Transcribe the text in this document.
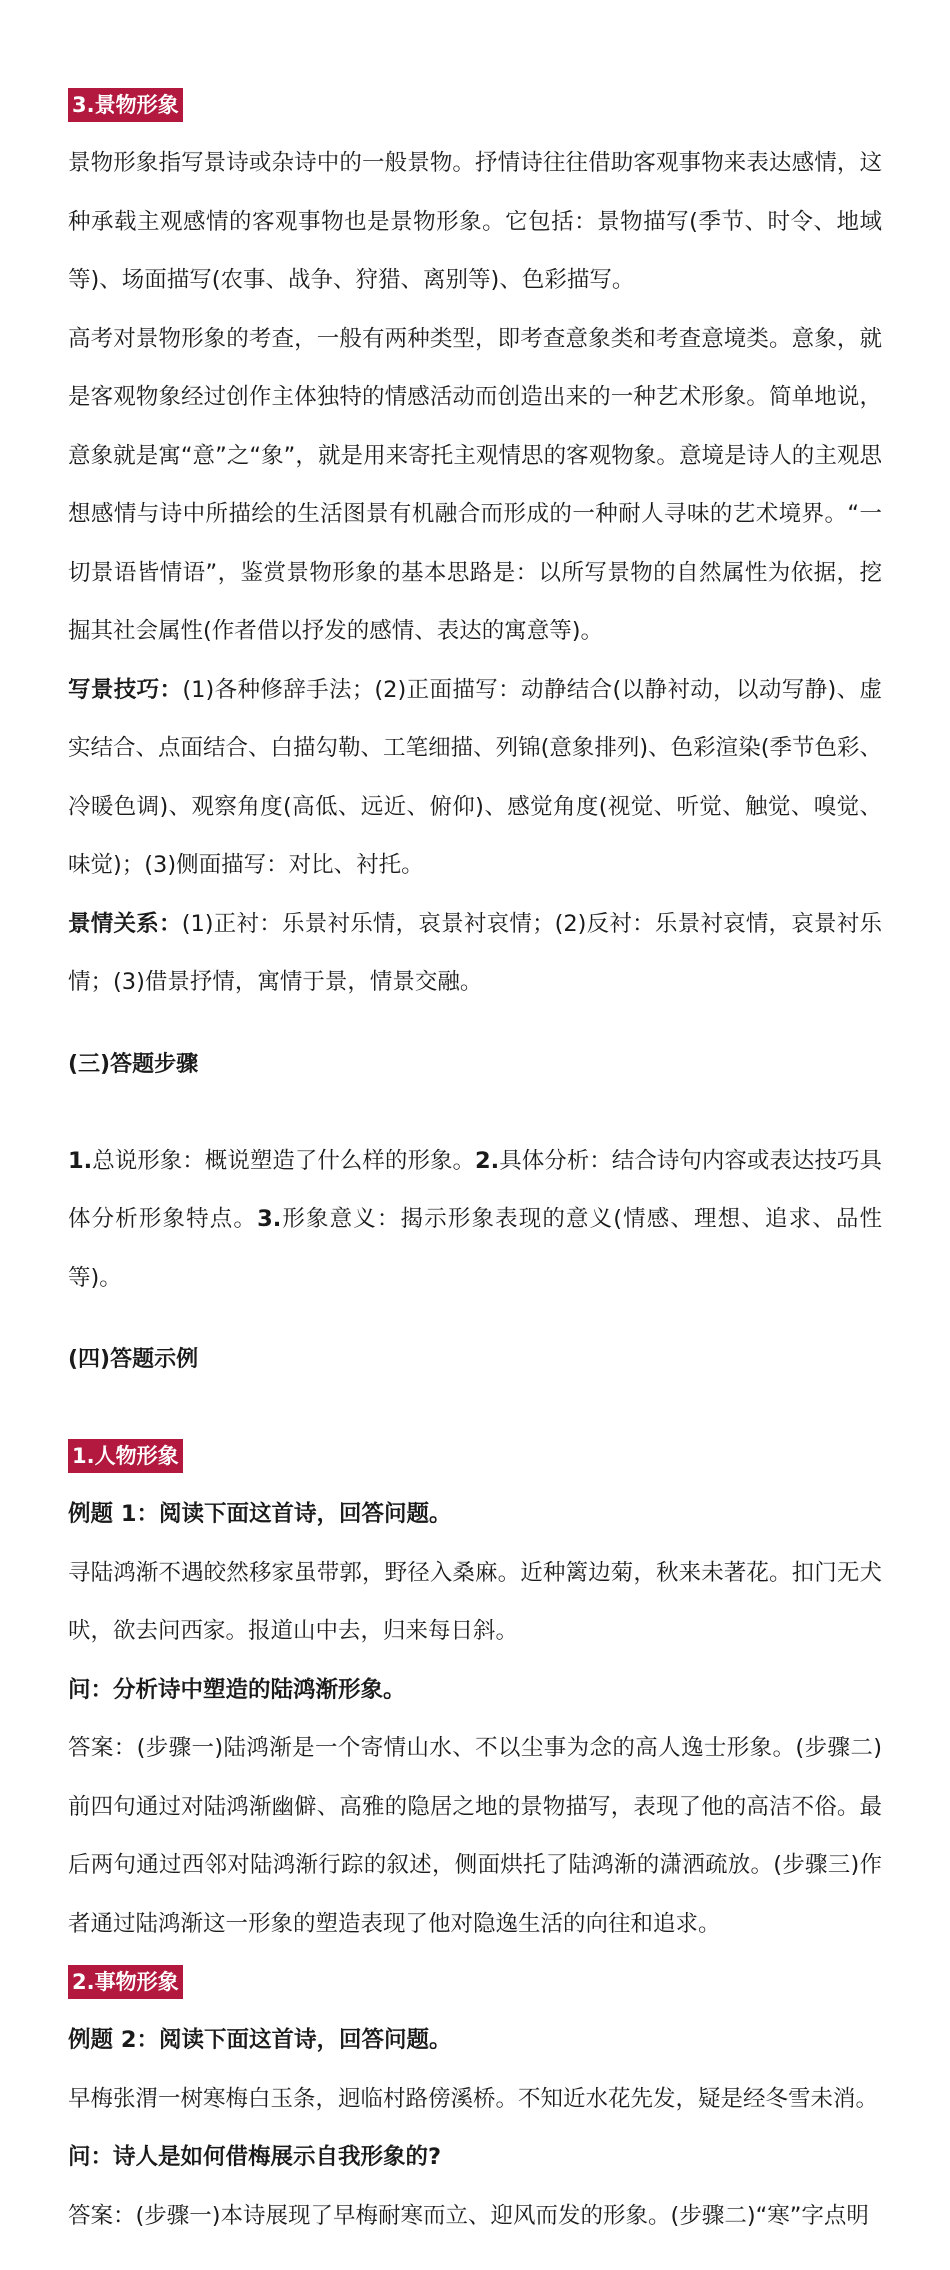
3.景物形象

景物形象指写景诗或杂诗中的一般景物。抒情诗往往借助客观事物来表达感情，这种承载主观感情的客观事物也是景物形象。它包括：景物描写(季节、时令、地域等)、场面描写(农事、战争、狩猎、离别等)、色彩描写。

高考对景物形象的考查，一般有两种类型，即考查意象类和考查意境类。意象，就是客观物象经过创作主体独特的情感活动而创造出来的一种艺术形象。简单地说，意象就是寓“意”之“象”，就是用来寄托主观情思的客观物象。意境是诗人的主观思想感情与诗中所描绘的生活图景有机融合而形成的一种耐人寻味的艺术境界。“一切景语皆情语”，鉴赏景物形象的基本思路是：以所写景物的自然属性为依据，挖掘其社会属性(作者借以抒发的感情、表达的寓意等)。

写景技巧：(1)各种修辞手法；(2)正面描写：动静结合(以静衬动，以动写静)、虚实结合、点面结合、白描勾勒、工笔细描、列锦(意象排列)、色彩渲染(季节色彩、冷暖色调)、观察角度(高低、远近、俯仰)、感觉角度(视觉、听觉、触觉、嗅觉、味觉)；(3)侧面描写：对比、衬托。

景情关系：(1)正衬：乐景衬乐情，哀景衬哀情；(2)反衬：乐景衬哀情，哀景衬乐情；(3)借景抒情，寓情于景，情景交融。

(三)答题步骤

1.总说形象：概说塑造了什么样的形象。2.具体分析：结合诗句内容或表达技巧具体分析形象特点。3.形象意义：揭示形象表现的意义(情感、理想、追求、品性等)。

(四)答题示例

1.人物形象

例题 1：阅读下面这首诗，回答问题。

寻陆鸿渐不遇皎然移家虽带郭，野径入桑麻。近种篱边菊，秋来未著花。扣门无犬吠，欲去问西家。报道山中去，归来每日斜。

问：分析诗中塑造的陆鸿渐形象。

答案：(步骤一)陆鸿渐是一个寄情山水、不以尘事为念的高人逸士形象。(步骤二)前四句通过对陆鸿渐幽僻、高雅的隐居之地的景物描写，表现了他的高洁不俗。最后两句通过西邻对陆鸿渐行踪的叙述，侧面烘托了陆鸿渐的潇洒疏放。(步骤三)作者通过陆鸿渐这一形象的塑造表现了他对隐逸生活的向往和追求。

2.事物形象

例题 2：阅读下面这首诗，回答问题。

早梅张渭一树寒梅白玉条，迥临村路傍溪桥。不知近水花先发，疑是经冬雪未消。

问：诗人是如何借梅展示自我形象的?

答案：(步骤一)本诗展现了早梅耐寒而立、迎风而发的形象。(步骤二)“寒”字点明
